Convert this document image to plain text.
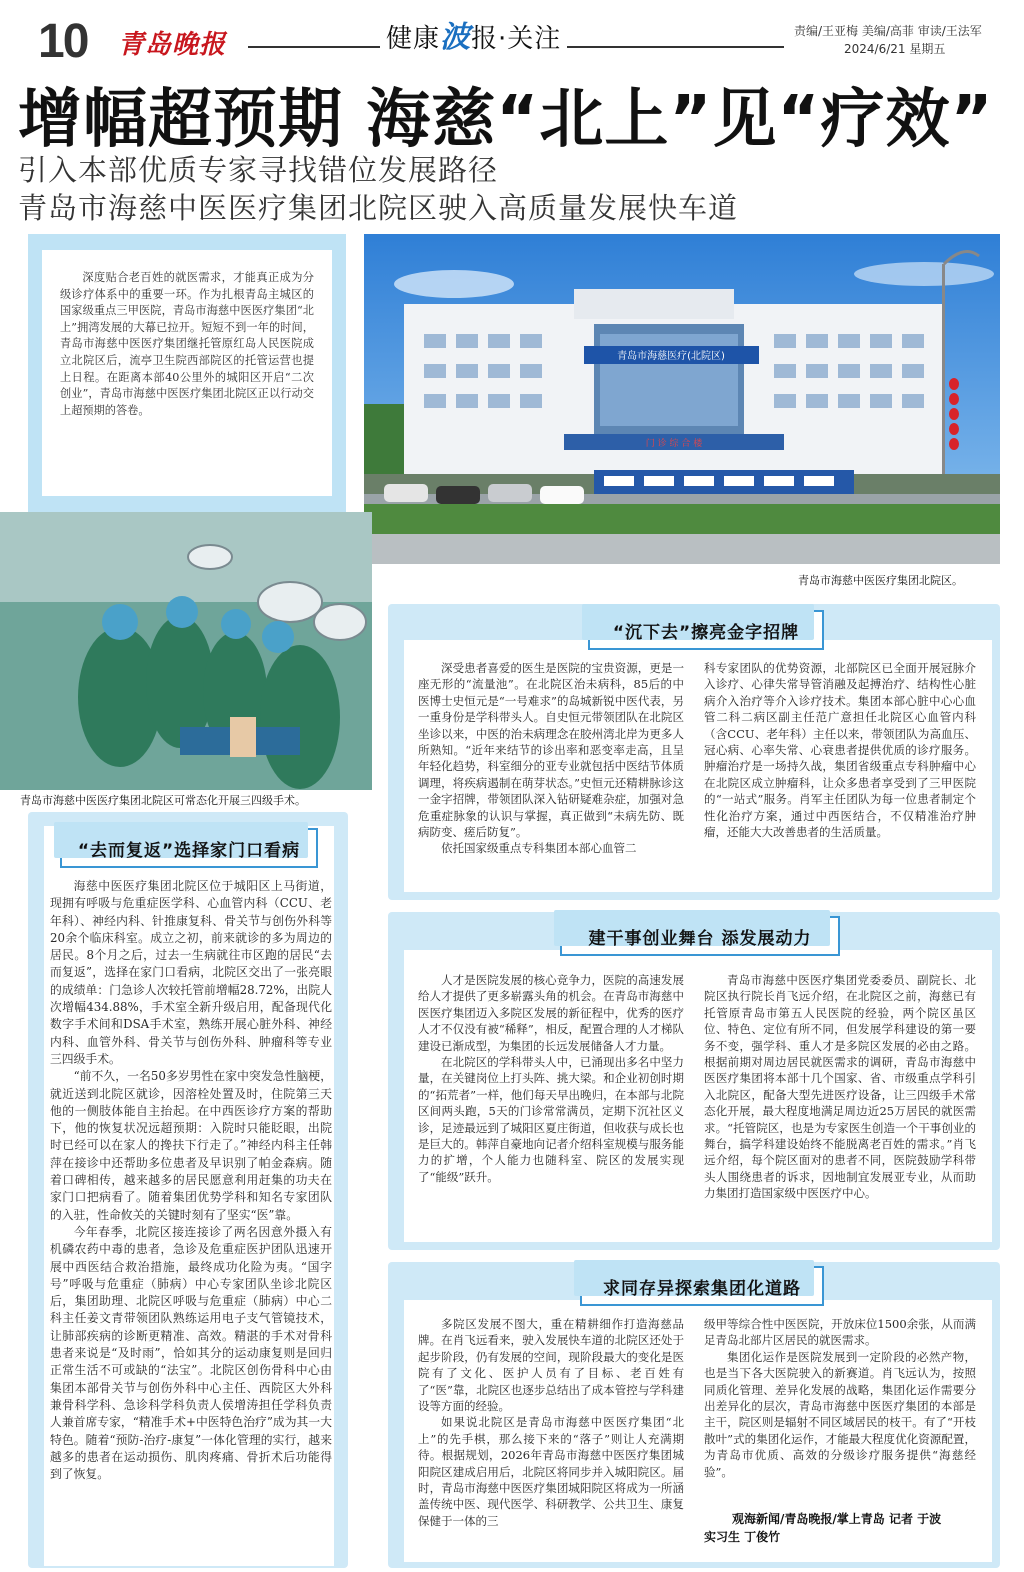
10 青岛晚报	健康波报·关注	责编/王亚梅 美编/高菲 审读/王法军
2024/6/21 星期五
增幅超预期 海慈“北上”见“疗效”
引入本部优质专家寻找错位发展路径
青岛市海慈中医医疗集团北院区驶入高质量发展快车道
深度贴合老百姓的就医需求，才能真正成为分级诊疗体系中的重要一环。作为扎根青岛主城区的国家级重点三甲医院，青岛市海慈中医医疗集团“北上”拥湾发展的大幕已拉开。短短不到一年的时间，青岛市海慈中医医疗集团继托管原红岛人民医院成立北院区后，流亭卫生院西部院区的托管运营也提上日程。在距离本部40公里外的城阳区开启“二次创业”，青岛市海慈中医医疗集团北院区正以行动交上超预期的答卷。
青岛市海慈医疗(北院区)
门 诊 综 合 楼
青岛市海慈中医医疗集团北院区。
青岛市海慈中医医疗集团北院区可常态化开展三四级手术。
“去而复返”选择家门口看病

海慈中医医疗集团北院区位于城阳区上马街道，现拥有呼吸与危重症医学科、心血管内科（CCU、老年科）、神经内科、针推康复科、骨关节与创伤外科等20余个临床科室。成立之初，前来就诊的多为周边的居民。8个月之后，过去一生病就往市区跑的居民“去而复返”，选择在家门口看病，北院区交出了一张亮眼的成绩单：门急诊人次较托管前增幅28.72%，出院人次增幅434.88%，手术室全新升级启用，配备现代化数字手术间和DSA手术室，熟练开展心脏外科、神经内科、血管外科、骨关节与创伤外科、肿瘤科等专业三四级手术。

“前不久，一名50多岁男性在家中突发急性脑梗，就近送到北院区就诊，因溶栓处置及时，住院第三天他的一侧肢体能自主抬起。在中西医诊疗方案的帮助下，他的恢复状况远超预期：入院时只能眨眼，出院时已经可以在家人的搀扶下行走了。”神经内科主任韩萍在接诊中还帮助多位患者及早识别了帕金森病。随着口碑相传，越来越多的居民愿意利用赶集的功夫在家门口把病看了。随着集团优势学科和知名专家团队的入驻，性命攸关的关键时刻有了坚实“医”靠。

今年春季，北院区接连接诊了两名因意外摄入有机磷农药中毒的患者，急诊及危重症医护团队迅速开展中西医结合救治措施，最终成功化险为夷。“国字号”呼吸与危重症（肺病）中心专家团队坐诊北院区后，集团助理、北院区呼吸与危重症（肺病）中心二科主任姜文青带领团队熟练运用电子支气管镜技术，让肺部疾病的诊断更精准、高效。精湛的手术对骨科患者来说是“及时雨”，恰如其分的运动康复则是回归正常生活不可或缺的“法宝”。北院区创伤骨科中心由集团本部骨关节与创伤外科中心主任、西院区大外科兼骨科学科、急诊科学科负责人侯增涛担任学科负责人兼首席专家，“精准手术+中医特色治疗”成为其一大特色。随着“预防-治疗-康复”一体化管理的实行，越来越多的患者在运动损伤、肌肉疼痛、骨折术后功能得到了恢复。

“沉下去”擦亮金字招牌

深受患者喜爱的医生是医院的宝贵资源，更是一座无形的“流量池”。在北院区治未病科，85后的中医博士史恒元是“一号难求”的岛城新锐中医代表，另一重身份是学科带头人。自史恒元带领团队在北院区坐诊以来，中医的治未病理念在胶州湾北岸为更多人所熟知。“近年来结节的诊出率和恶变率走高，且呈年轻化趋势，科室细分的亚专业就包括中医结节体质调理，将疾病遏制在萌芽状态。”史恒元还精耕脉诊这一金字招牌，带领团队深入钻研疑难杂症，加强对急危重症脉象的认识与掌握，真正做到“未病先防、既病防变、瘥后防复”。

依托国家级重点专科集团本部心血管二

科专家团队的优势资源，北部院区已全面开展冠脉介入诊疗、心律失常导管消融及起搏治疗、结构性心脏病介入治疗等介入诊疗技术。集团本部心脏中心心血管二科二病区副主任范广意担任北院区心血管内科（含CCU、老年科）主任以来，带领团队为高血压、冠心病、心率失常、心衰患者提供优质的诊疗服务。肿瘤治疗是一场持久战，集团省级重点专科肿瘤中心在北院区成立肿瘤科，让众多患者享受到了三甲医院的“一站式”服务。肖军主任团队为每一位患者制定个性化治疗方案，通过中西医结合，不仅精准治疗肿瘤，还能大大改善患者的生活质量。

建干事创业舞台 添发展动力

人才是医院发展的核心竞争力，医院的高速发展给人才提供了更多崭露头角的机会。在青岛市海慈中医医疗集团迈入多院区发展的新征程中，优秀的医疗人才不仅没有被“稀释”，相反，配置合理的人才梯队建设已渐成型，为集团的长远发展储备人才力量。

在北院区的学科带头人中，已涌现出多名中坚力量，在关键岗位上打头阵、挑大梁。和企业初创时期的“拓荒者”一样，他们每天早出晚归，在本部与北院区间两头跑，5天的门诊常常满员，定期下沉社区义诊，足迹最远到了城阳区夏庄街道，但收获与成长也是巨大的。韩萍自豪地向记者介绍科室规模与服务能力的扩增，个人能力也随科室、院区的发展实现了“能级”跃升。

青岛市海慈中医医疗集团党委委员、副院长、北院区执行院长肖飞远介绍，在北院区之前，海慈已有托管原青岛市第五人民医院的经验，两个院区虽区位、特色、定位有所不同，但发展学科建设的第一要务不变，强学科、重人才是多院区发展的必由之路。根据前期对周边居民就医需求的调研，青岛市海慈中医医疗集团将本部十几个国家、省、市级重点学科引入北院区，配备大型先进医疗设备，让三四级手术常态化开展，最大程度地满足周边近25万居民的就医需求。“托管院区，也是为专家医生创造一个干事创业的舞台，搞学科建设始终不能脱离老百姓的需求。”肖飞远介绍，每个院区面对的患者不同，医院鼓励学科带头人围绕患者的诉求，因地制宜发展亚专业，从而助力集团打造国家级中医医疗中心。

求同存异探索集团化道路

多院区发展不图大，重在精耕细作打造海慈品牌。在肖飞远看来，驶入发展快车道的北院区还处于起步阶段，仍有发展的空间，现阶段最大的变化是医院有了文化、医护人员有了目标、老百姓有了“医”靠，北院区也逐步总结出了成本管控与学科建设等方面的经验。

如果说北院区是青岛市海慈中医医疗集团“北上”的先手棋，那么接下来的“落子”则让人充满期待。根据规划，2026年青岛市海慈中医医疗集团城阳院区建成启用后，北院区将同步并入城阳院区。届时，青岛市海慈中医医疗集团城阳院区将成为一所涵盖传统中医、现代医学、科研教学、公共卫生、康复保健于一体的三

级甲等综合性中医医院，开放床位1500余张，从而满足青岛北部片区居民的就医需求。

集团化运作是医院发展到一定阶段的必然产物，也是当下各大医院驶入的新赛道。肖飞远认为，按照同质化管理、差异化发展的战略，集团化运作需要分出差异化的层次，青岛市海慈中医医疗集团的本部是主干，院区则是辐射不同区域居民的枝干。有了“开枝散叶”式的集团化运作，才能最大程度优化资源配置，为青岛市优质、高效的分级诊疗服务提供“海慈经验”。

观海新闻/青岛晚报/掌上青岛 记者 于波
实习生 丁俊竹
